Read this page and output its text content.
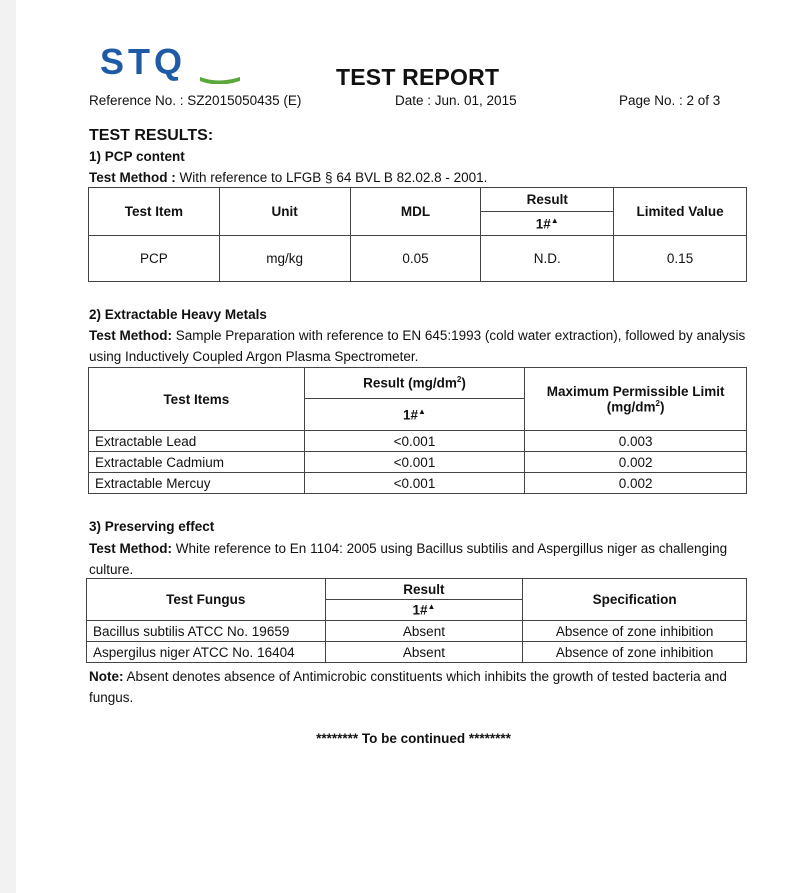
STQ	TEST REPORT
Reference No. : SZ2015050435 (E)	Date : Jun. 01, 2015	Page No. : 2 of 3
TEST RESULTS:
1) PCP content
Test Method : With reference to LFGB § 64 BVL B 82.02.8 - 2001.
Test Item	Unit	MDL	Result	Limited Value
			1#▲
PCP	mg/kg	0.05	N.D.	0.15
2) Extractable Heavy Metals
Test Method: Sample Preparation with reference to EN 645:1993 (cold water extraction), followed by analysis using Inductively Coupled Argon Plasma Spectrometer.
Test Items	Result $(mg/dm^2)$	Maximum Permissible Limit
$(mg/dm^2)$

	1#▲
Extractable Lead	<0.001	0.003
Extractable Cadmium	<0.001	0.002
Extractable Mercuy	<0.001	0.002
3) Preserving effect
Test Method: White reference to En 1104: 2005 using Bacillus subtilis and Aspergillus niger as challenging culture.
Test Fungus	Result	Specification
	1#▲
Bacillus subtilis ATCC No. 19659	Absent	Absence of zone inhibition
Aspergilus niger ATCC No. 16404	Absent	Absence of zone inhibition
Note: Absent denotes absence of Antimicrobic constituents which inhibits the growth of tested bacteria and fungus.
******** To be continued ********
